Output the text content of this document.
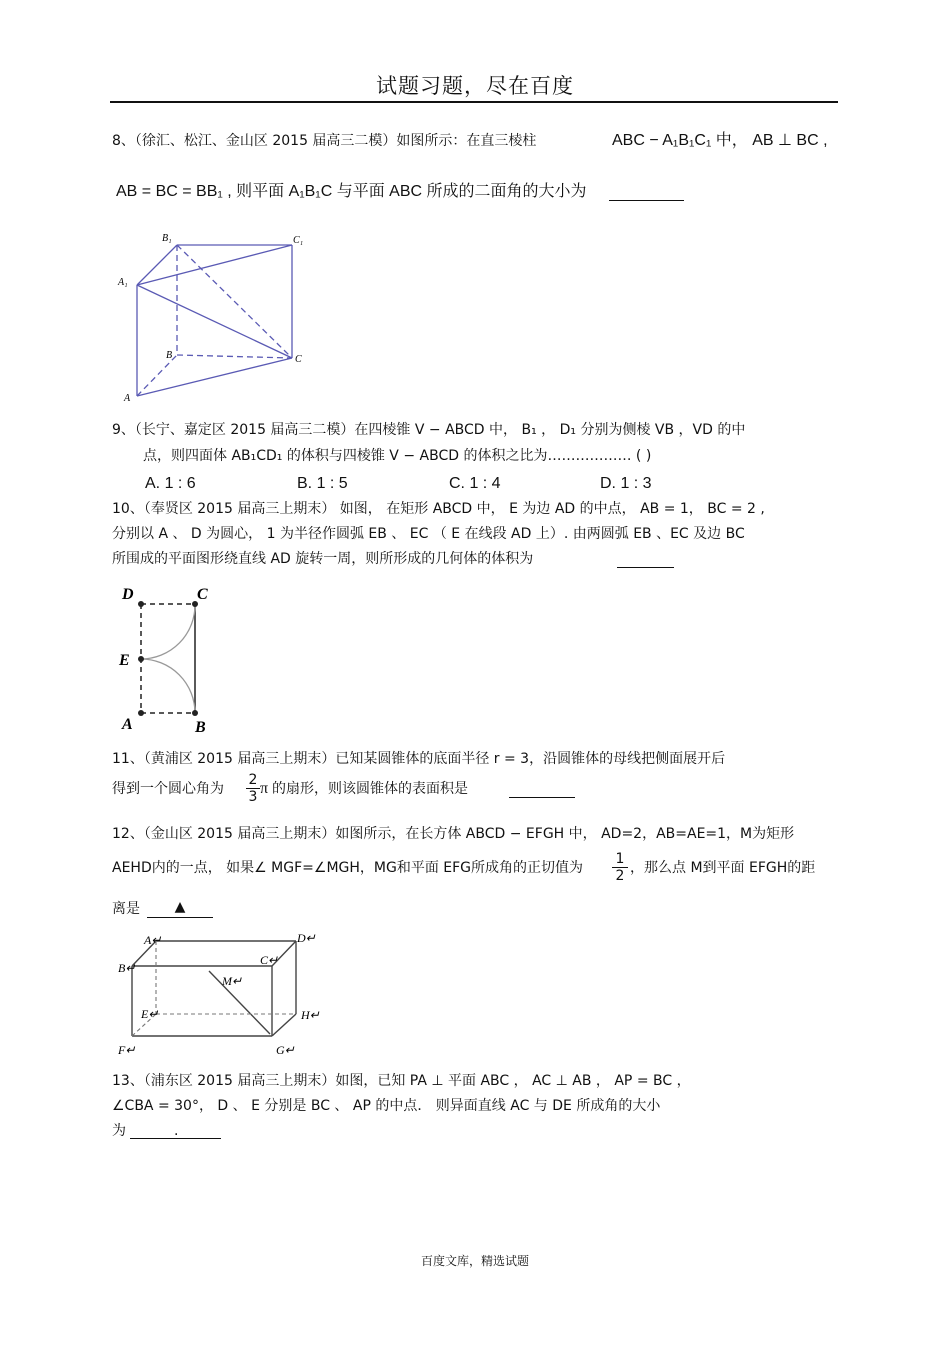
试题习题，尽在百度
8、（徐汇、松江、金山区 2015 届高三二模）如图所示：在直三棱柱	ABC − A₁B₁C₁ 中， AB ⊥ BC ,
AB = BC = BB₁ , 则平面 A₁B₁C 与平面 ABC 所成的二面角的大小为
B₁	C₁
A₁
B	C
A
9、（长宁、嘉定区 2015 届高三二模）在四棱锥 V − ABCD 中， B₁ ， D₁ 分别为侧棱 VB ，VD 的中
点，则四面体 AB₁CD₁ 的体积与四棱锥 V − ABCD 的体积之比为……………… ( )
A. 1 : 6	B. 1 : 5	C. 1 : 4	D. 1 : 3
10、（奉贤区 2015 届高三上期末） 如图， 在矩形 ABCD 中， E 为边 AD 的中点， AB = 1， BC = 2 ,
分别以 A 、 D 为圆心， 1 为半径作圆弧 EB 、 EC （ E 在线段 AD 上）. 由两圆弧 EB 、EC 及边 BC
所围成的平面图形绕直线 AD 旋转一周，则所形成的几何体的体积为
D	C
E
A	B
11、（黄浦区 2015 届高三上期末）已知某圆锥体的底面半径 r = 3，沿圆锥体的母线把侧面展开后
得到一个圆心角为 $\frac{2}{3}$ π 的扇形，则该圆锥体的表面积是
12、（金山区 2015 届高三上期末）如图所示，在长方体 ABCD − EFGH 中， AD=2，AB=AE=1，M为矩形
AEHD内的一点， 如果∠ MGF=∠MGH，MG和平面 EFG所成角的正切值为 $\frac{1}{2}$ ，那么点 M到平面 EFGH的距
离是	▲
A↵	D↵
B↵
C↵
M↵
E↵	H↵
F↵	G↵
13、（浦东区 2015 届高三上期末）如图，已知 PA ⊥ 平面 ABC ， AC ⊥ AB ， AP = BC ，
∠CBA = 30°， D 、 E 分别是 BC 、 AP 的中点． 则异面直线 AC 与 DE 所成角的大小
为	.
百度文库，精选试题
